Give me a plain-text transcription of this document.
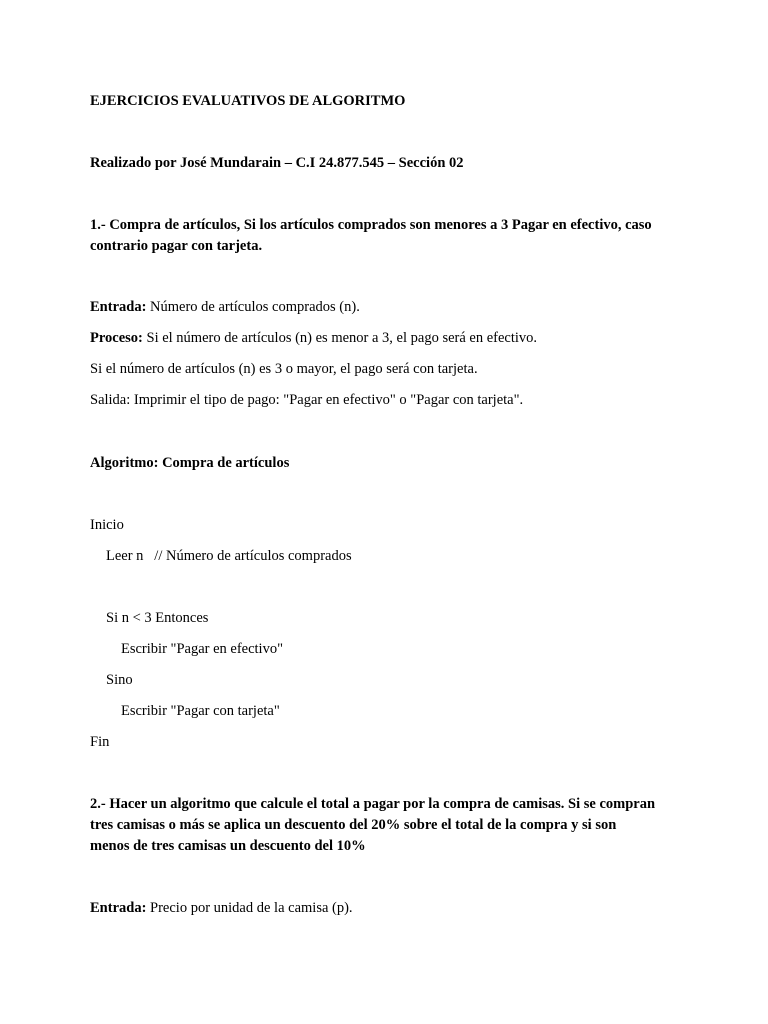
EJERCICIOS EVALUATIVOS DE ALGORITMO
Realizado por José Mundarain – C.I 24.877.545 – Sección 02
1.- Compra de artículos, Si los artículos comprados son menores a 3 Pagar en efectivo, caso
contrario pagar con tarjeta.
Entrada: Número de artículos comprados (n).
Proceso: Si el número de artículos (n) es menor a 3, el pago será en efectivo.
Si el número de artículos (n) es 3 o mayor, el pago será con tarjeta.
Salida: Imprimir el tipo de pago: "Pagar en efectivo" o "Pagar con tarjeta".
Algoritmo: Compra de artículos
Inicio
Leer n   // Número de artículos comprados
Si n < 3 Entonces
Escribir "Pagar en efectivo"
Sino
Escribir "Pagar con tarjeta"
Fin
2.- Hacer un algoritmo que calcule el total a pagar por la compra de camisas. Si se compran
tres camisas o más se aplica un descuento del 20% sobre el total de la compra y si son
menos de tres camisas un descuento del 10%
Entrada: Precio por unidad de la camisa (p).
